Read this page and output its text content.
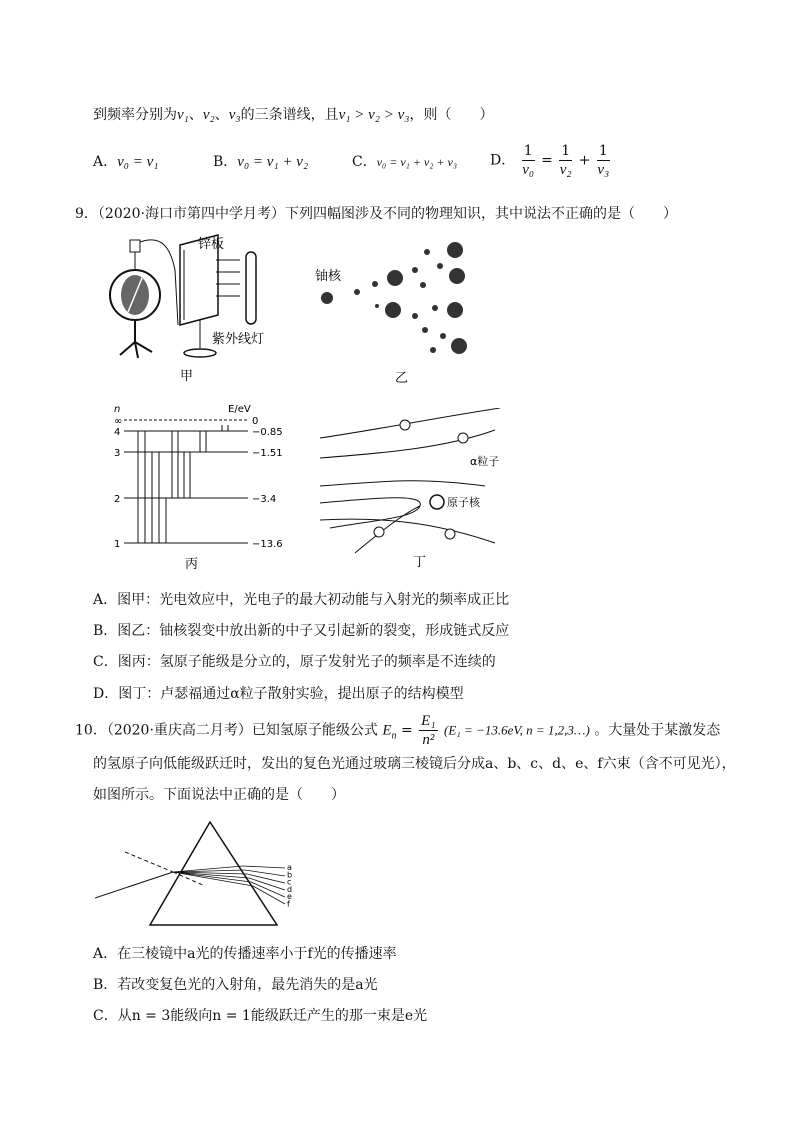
到频率分别为ν₁、ν₂、ν₃的三条谱线，且ν₁ > ν₂ > ν₃，则（　　）
A．ν₀ = ν₁	B．ν₀ = ν₁ + ν₂	C．ν₀ = ν₁ + ν₂ + ν₃ D． $\frac{1}{\text{ν₀}} = \frac{1}{\text{ν₂}} + \frac{1}{\text{ν₃}}$
9．（2020·海口市第四中学月考）下列四幅图涉及不同的物理知识，其中说法不正确的是（　　）
锌板
紫外线灯
甲
铀核
乙
n	E/eV
∞	0
4	−0.85
3	−1.51
2	−3.4
1	−13.6
丙
α粒子
原子核
丁
A．图甲：光电效应中，光电子的最大初动能与入射光的频率成正比
B．图乙：铀核裂变中放出新的中子又引起新的裂变，形成链式反应
C．图丙：氢原子能级是分立的，原子发射光子的频率是不连续的
D．图丁：卢瑟福通过α粒子散射实验，提出原子的结构模型
10．（2020·重庆高二月考）已知氢原子能级公式 $E_n = \frac{\text{E₁}}{\text{n²}} (E_1 = -13.6eV$, n = 1,2,3…) 。大量处于某激发态
的氢原子向低能级跃迁时，发出的复色光通过玻璃三棱镜后分成a、b、c、d、e、f六束（含不可见光），
如图所示。下面说法中正确的是（　　）
a
b
c
d
e
f
A．在三棱镜中a光的传播速率小于f光的传播速率
B．若改变复色光的入射角，最先消失的是a光
C．从n = 3能级向n = 1能级跃迁产生的那一束是e光
